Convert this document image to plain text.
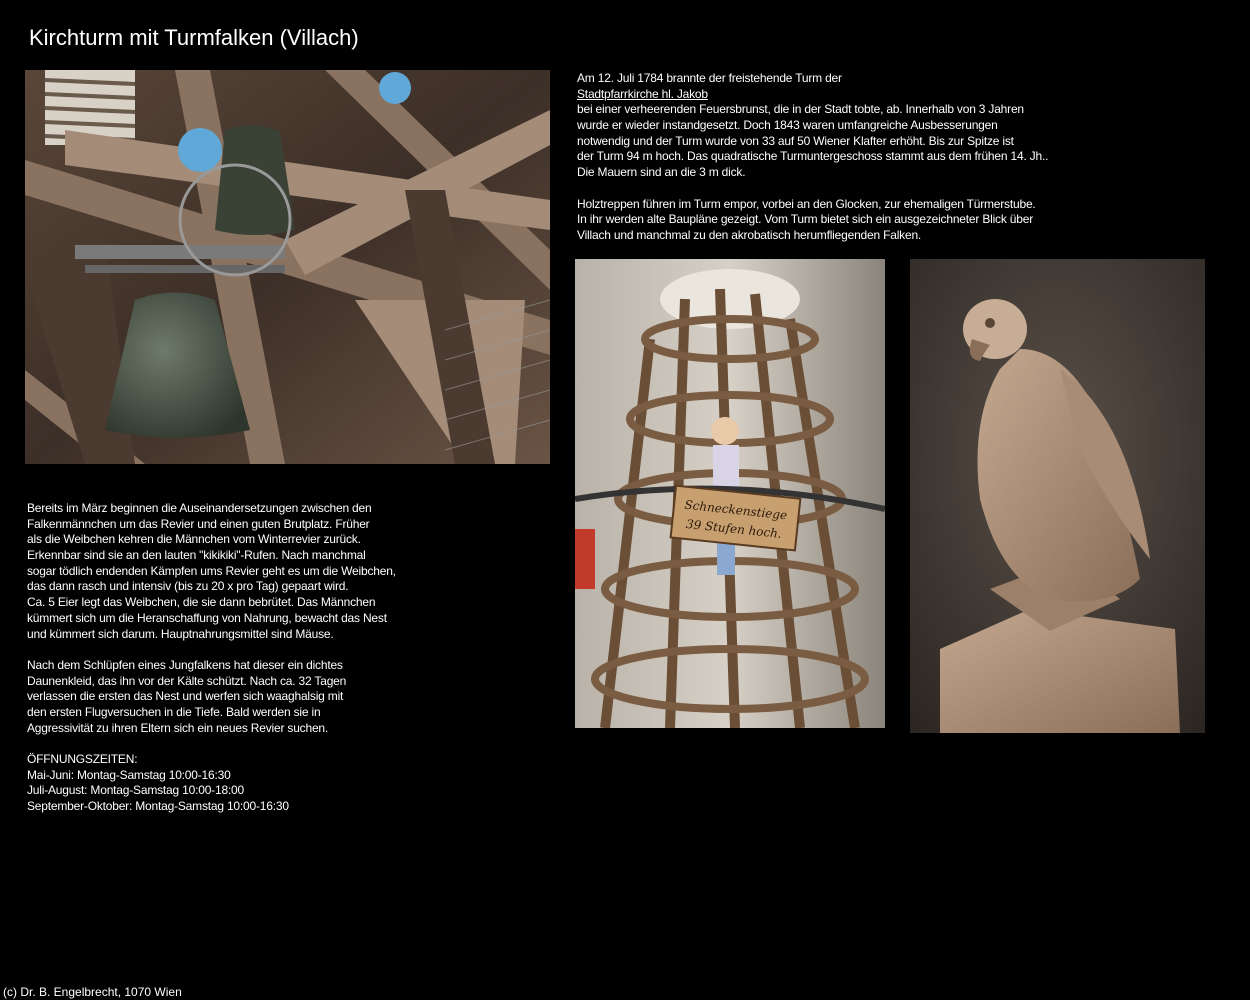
Kirchturm mit Turmfalken (Villach)
Am 12. Juli 1784 brannte der freistehende Turm der
Stadtpfarrkirche hl. Jakob
bei einer verheerenden Feuersbrunst, die in der Stadt tobte, ab. Innerhalb von 3 Jahren
wurde er wieder instandgesetzt. Doch 1843 waren umfangreiche Ausbesserungen
notwendig und der Turm wurde von 33 auf 50 Wiener Klafter erhöht. Bis zur Spitze ist
der Turm 94 m hoch. Das quadratische Turmuntergeschoss stammt aus dem frühen 14. Jh..
Die Mauern sind an die 3 m dick.
Holztreppen führen im Turm empor, vorbei an den Glocken, zur ehemaligen Türmerstube.
In ihr werden alte Baupläne gezeigt. Vom Turm bietet sich ein ausgezeichneter Blick über
Villach und manchmal zu den akrobatisch herumfliegenden Falken.
Schneckenstiege
39 Stufen hoch.
Bereits im März beginnen die Auseinandersetzungen zwischen den
Falkenmännchen um das Revier und einen guten Brutplatz. Früher
als die Weibchen kehren die Männchen vom Winterrevier zurück.
Erkennbar sind sie an den lauten "kikikiki"-Rufen. Nach manchmal
sogar tödlich endenden Kämpfen ums Revier geht es um die Weibchen,
das dann rasch und intensiv (bis zu 20 x pro Tag) gepaart wird.
Ca. 5 Eier legt das Weibchen, die sie dann bebrütet. Das Männchen
kümmert sich um die Heranschaffung von Nahrung, bewacht das Nest
und kümmert sich darum. Hauptnahrungsmittel sind Mäuse.
Nach dem Schlüpfen eines Jungfalkens hat dieser ein dichtes
Daunenkleid, das ihn vor der Kälte schützt. Nach ca. 32 Tagen
verlassen die ersten das Nest und werfen sich waaghalsig mit
den ersten Flugversuchen in die Tiefe. Bald werden sie in
Aggressivität zu ihren Eltern sich ein neues Revier suchen.
ÖFFNUNGSZEITEN:
Mai-Juni: Montag-Samstag 10:00-16:30
Juli-August: Montag-Samstag 10:00-18:00
September-Oktober: Montag-Samstag 10:00-16:30
(c) Dr. B. Engelbrecht, 1070 Wien
